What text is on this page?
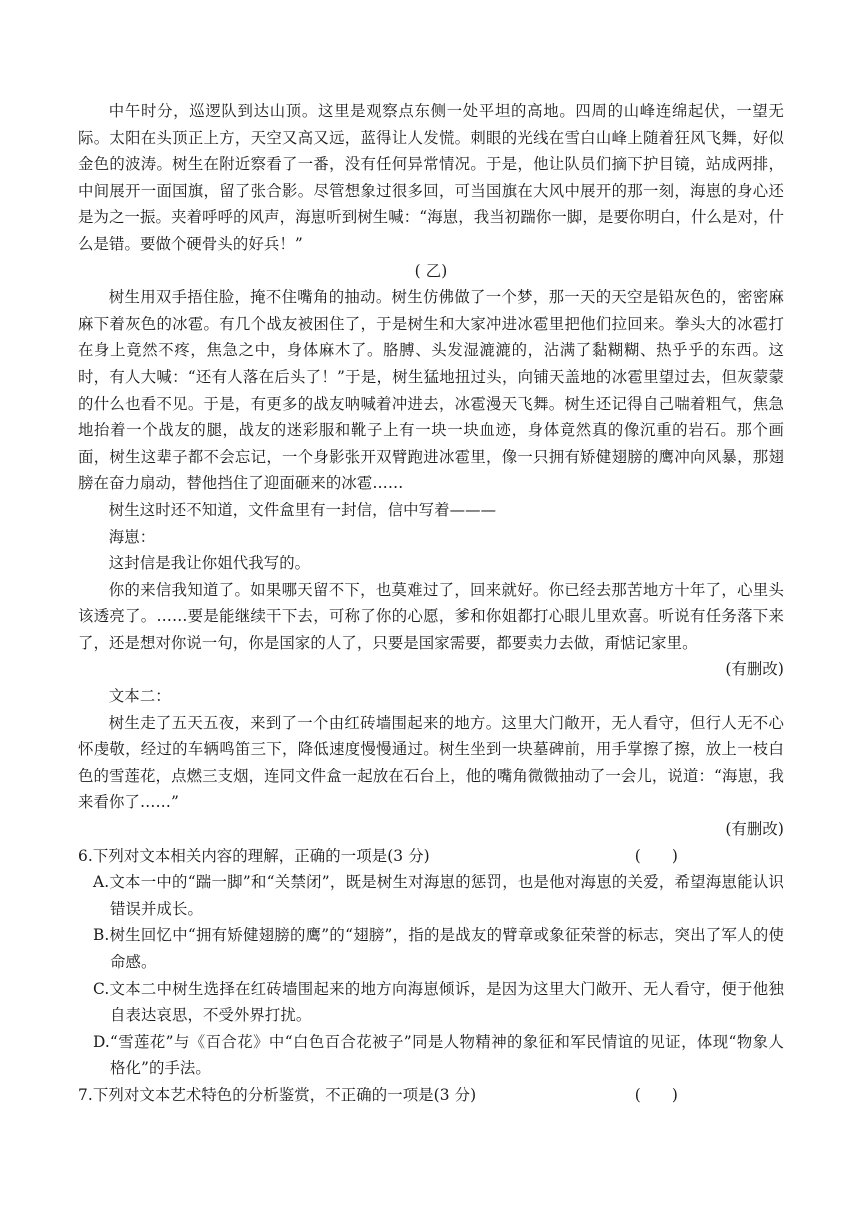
中午时分，巡逻队到达山顶。这里是观察点东侧一处平坦的高地。四周的山峰连绵起伏，一望无际。太阳在头顶正上方，天空又高又远，蓝得让人发慌。刺眼的光线在雪白山峰上随着狂风飞舞，好似金色的波涛。树生在附近察看了一番，没有任何异常情况。于是，他让队员们摘下护目镜，站成两排，中间展开一面国旗，留了张合影。尽管想象过很多回，可当国旗在大风中展开的那一刻，海崽的身心还是为之一振。夹着呼呼的风声，海崽听到树生喊：“海崽，我当初踹你一脚，是要你明白，什么是对，什么是错。要做个硬骨头的好兵！”

( 乙)

树生用双手捂住脸，掩不住嘴角的抽动。树生仿佛做了一个梦，那一天的天空是铅灰色的，密密麻麻下着灰色的冰雹。有几个战友被困住了，于是树生和大家冲进冰雹里把他们拉回来。拳头大的冰雹打在身上竟然不疼，焦急之中，身体麻木了。胳膊、头发湿漉漉的，沾满了黏糊糊、热乎乎的东西。这时，有人大喊：“还有人落在后头了！”于是，树生猛地扭过头，向铺天盖地的冰雹里望过去，但灰蒙蒙的什么也看不见。于是，有更多的战友呐喊着冲进去，冰雹漫天飞舞。树生还记得自己喘着粗气，焦急地抬着一个战友的腿，战友的迷彩服和靴子上有一块一块血迹，身体竟然真的像沉重的岩石。那个画面，树生这辈子都不会忘记，一个身影张开双臂跑进冰雹里，像一只拥有矫健翅膀的鹰冲向风暴，那翅膀在奋力扇动，替他挡住了迎面砸来的冰雹……

树生这时还不知道，文件盒里有一封信，信中写着———

海崽：

这封信是我让你姐代我写的。

你的来信我知道了。如果哪天留不下，也莫难过了，回来就好。你已经去那苦地方十年了，心里头该透亮了。……要是能继续干下去，可称了你的心愿，爹和你姐都打心眼儿里欢喜。听说有任务落下来了，还是想对你说一句，你是国家的人了，只要是国家需要，都要卖力去做，甭惦记家里。

(有删改)

文本二：

树生走了五天五夜，来到了一个由红砖墙围起来的地方。这里大门敞开，无人看守，但行人无不心怀虔敬，经过的车辆鸣笛三下，降低速度慢慢通过。树生坐到一块墓碑前，用手掌擦了擦，放上一枝白色的雪莲花，点燃三支烟，连同文件盒一起放在石台上，他的嘴角微微抽动了一会儿，说道：“海崽，我来看你了……”

(有删改)

6.下列对文本相关内容的理解，正确的一项是(3 分)	(　　)

A.文本一中的“踹一脚”和“关禁闭”，既是树生对海崽的惩罚，也是他对海崽的关爱，希望海崽能认识错误并成长。

B.树生回忆中“拥有矫健翅膀的鹰”的“翅膀”，指的是战友的臂章或象征荣誉的标志，突出了军人的使命感。

C.文本二中树生选择在红砖墙围起来的地方向海崽倾诉，是因为这里大门敞开、无人看守，便于他独自表达哀思，不受外界打扰。

D.“雪莲花”与《百合花》中“白色百合花被子”同是人物精神的象征和军民情谊的见证，体现“物象人格化”的手法。

7.下列对文本艺术特色的分析鉴赏，不正确的一项是(3 分)	(　　)
